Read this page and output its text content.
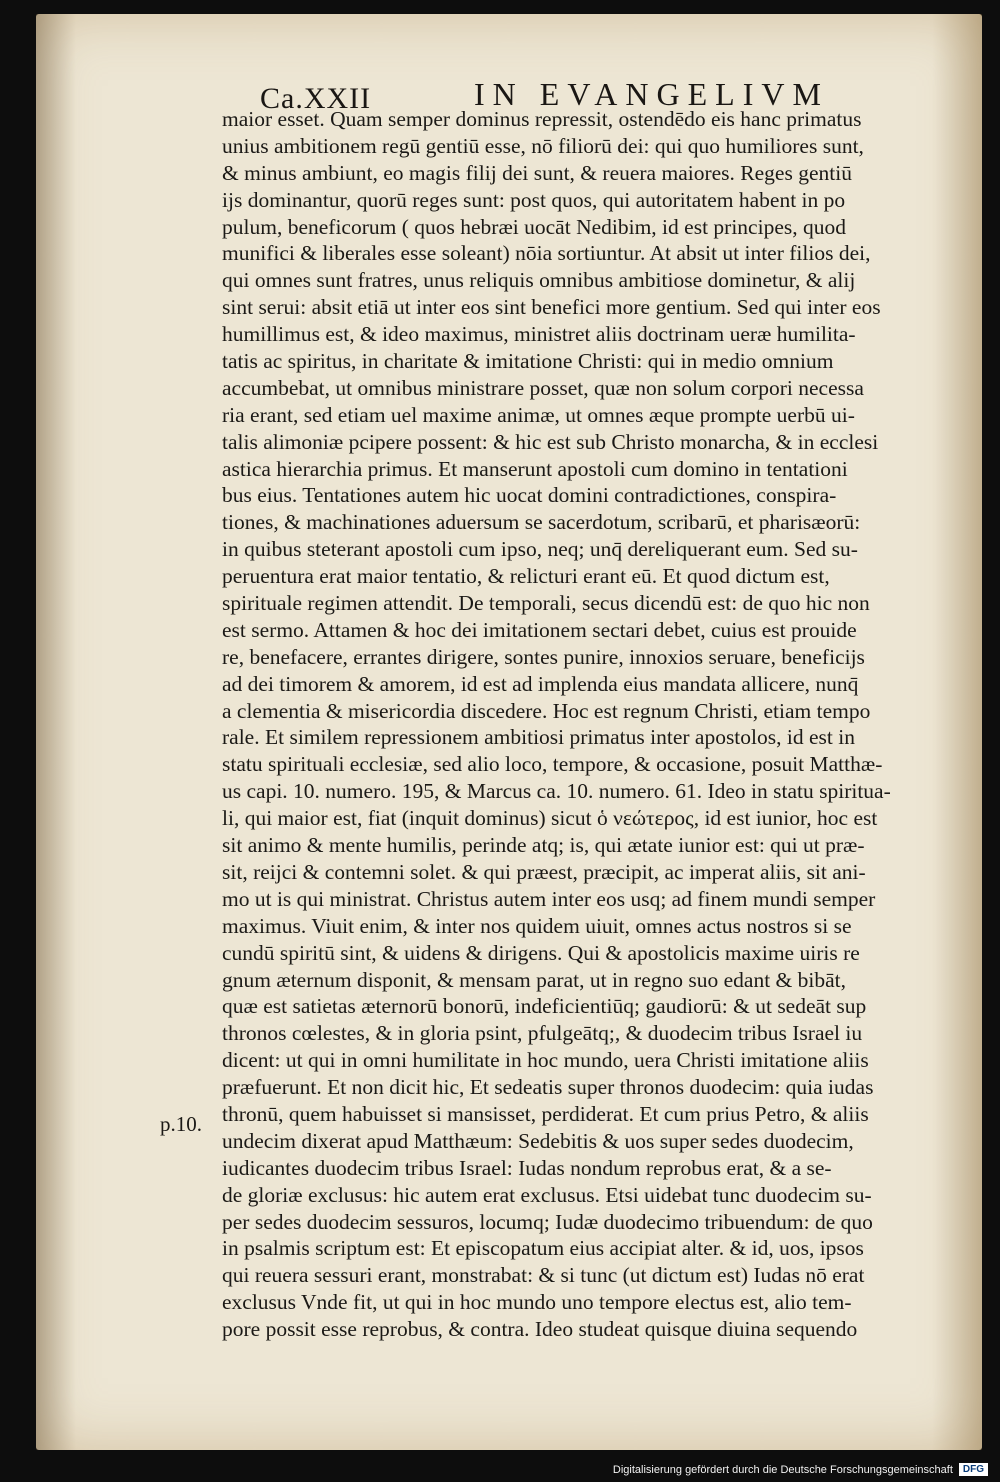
Ca.XXII	IN EVANGELIVM
maior esset. Quam semper dominus repressit, ostendēdo eis hanc primatus
unius ambitionem regū gentiū esse, nō filiorū dei: qui quo humiliores sunt,
& minus ambiunt, eo magis filij dei sunt, & reuera maiores. Reges gentiū
ijs dominantur, quorū reges sunt: post quos, qui autoritatem habent in po
pulum, beneficorum ( quos hebræi uocāt Nedibim, id est principes, quod
munifici & liberales esse soleant) nōia sortiuntur. At absit ut inter filios dei,
qui omnes sunt fratres, unus reliquis omnibus ambitiose dominetur, & alij
sint serui: absit etiā ut inter eos sint benefici more gentium. Sed qui inter eos
humillimus est, & ideo maximus, ministret aliis doctrinam ueræ humilita-
tatis ac spiritus, in charitate & imitatione Christi: qui in medio omnium
accumbebat, ut omnibus ministrare posset, quæ non solum corpori necessa
ria erant, sed etiam uel maxime animæ, ut omnes æque prompte uerbū ui-
talis alimoniæ pcipere possent: & hic est sub Christo monarcha, & in ecclesi
astica hierarchia primus. Et manserunt apostoli cum domino in tentationi
bus eius. Tentationes autem hic uocat domini contradictiones, conspira-
tiones, & machinationes aduersum se sacerdotum, scribarū, et pharisæorū:
in quibus steterant apostoli cum ipso, neq; unq̄ dereliquerant eum. Sed su-
peruentura erat maior tentatio, & relicturi erant eū. Et quod dictum est,
spirituale regimen attendit. De temporali, secus dicendū est: de quo hic non
est sermo. Attamen & hoc dei imitationem sectari debet, cuius est prouide
re, benefacere, errantes dirigere, sontes punire, innoxios seruare, beneficijs
ad dei timorem & amorem, id est ad implenda eius mandata allicere, nunq̄
a clementia & misericordia discedere. Hoc est regnum Christi, etiam tempo
rale. Et similem repressionem ambitiosi primatus inter apostolos, id est in
statu spirituali ecclesiæ, sed alio loco, tempore, & occasione, posuit Matthæ-
us capi. 10. numero. 195, & Marcus ca. 10. numero. 61. Ideo in statu spiritua-
li, qui maior est, fiat (inquit dominus) sicut ὁ νεώτερος, id est iunior, hoc est
sit animo & mente humilis, perinde atq; is, qui ætate iunior est: qui ut præ-
sit, reijci & contemni solet. & qui præest, præcipit, ac imperat aliis, sit ani-
mo ut is qui ministrat. Christus autem inter eos usq; ad finem mundi semper
maximus. Viuit enim, & inter nos quidem uiuit, omnes actus nostros si se
cundū spiritū sint, & uidens & dirigens. Qui & apostolicis maxime uiris re
gnum æternum disponit, & mensam parat, ut in regno suo edant & bibāt,
quæ est satietas æternorū bonorū, indeficientiūq; gaudiorū: & ut sedeāt sup
thronos cœlestes, & in gloria psint, pfulgeātq;, & duodecim tribus Israel iu
dicent: ut qui in omni humilitate in hoc mundo, uera Christi imitatione aliis
præfuerunt. Et non dicit hic, Et sedeatis super thronos duodecim: quia iudas
thronū, quem habuisset si mansisset, perdiderat. Et cum prius Petro, & aliis
undecim dixerat apud Matthæum: Sedebitis & uos super sedes duodecim,
iudicantes duodecim tribus Israel: Iudas nondum reprobus erat, & a se-
de gloriæ exclusus: hic autem erat exclusus. Etsi uidebat tunc duodecim su-
per sedes duodecim sessuros, locumq; Iudæ duodecimo tribuendum: de quo
in psalmis scriptum est: Et episcopatum eius accipiat alter. & id, uos, ipsos
qui reuera sessuri erant, monstrabat: & si tunc (ut dictum est) Iudas nō erat
exclusus Vnde fit, ut qui in hoc mundo uno tempore electus est, alio tem-
pore possit esse reprobus, & contra. Ideo studeat quisque diuina sequendo
p.10.
Digitalisierung gefördert durch die Deutsche Forschungsgemeinschaft	DFG
